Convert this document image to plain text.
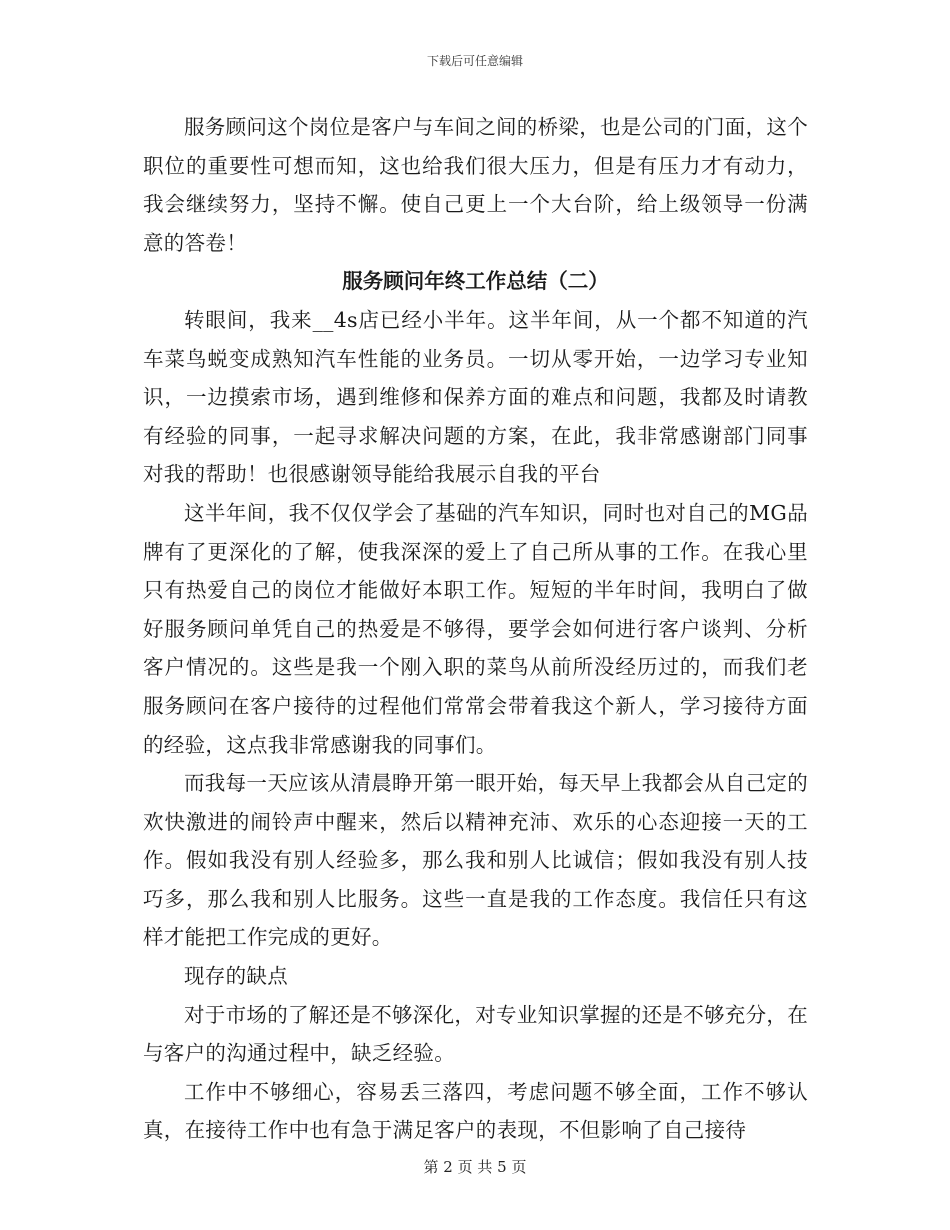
下载后可任意编辑

服务顾问这个岗位是客户与车间之间的桥梁，也是公司的门面，这个职位的重要性可想而知，这也给我们很大压力，但是有压力才有动力，我会继续努力，坚持不懈。使自己更上一个大台阶，给上级领导一份满意的答卷！

服务顾问年终工作总结（二）

转眼间，我来__4s店已经小半年。这半年间，从一个都不知道的汽车菜鸟蜕变成熟知汽车性能的业务员。一切从零开始，一边学习专业知识，一边摸索市场，遇到维修和保养方面的难点和问题，我都及时请教有经验的同事，一起寻求解决问题的方案，在此，我非常感谢部门同事对我的帮助！也很感谢领导能给我展示自我的平台

这半年间，我不仅仅学会了基础的汽车知识，同时也对自己的MG品牌有了更深化的了解，使我深深的爱上了自己所从事的工作。在我心里只有热爱自己的岗位才能做好本职工作。短短的半年时间，我明白了做好服务顾问单凭自己的热爱是不够得，要学会如何进行客户谈判、分析客户情况的。这些是我一个刚入职的菜鸟从前所没经历过的，而我们老服务顾问在客户接待的过程他们常常会带着我这个新人，学习接待方面的经验，这点我非常感谢我的同事们。

而我每一天应该从清晨睁开第一眼开始，每天早上我都会从自己定的欢快激进的闹铃声中醒来，然后以精神充沛、欢乐的心态迎接一天的工作。假如我没有别人经验多，那么我和别人比诚信；假如我没有别人技巧多，那么我和别人比服务。这些一直是我的工作态度。我信任只有这样才能把工作完成的更好。

现存的缺点

对于市场的了解还是不够深化，对专业知识掌握的还是不够充分，在与客户的沟通过程中，缺乏经验。

工作中不够细心，容易丢三落四，考虑问题不够全面，工作不够认真，在接待工作中也有急于满足客户的表现，不但影响了自己接待

第 2 页 共 5 页
